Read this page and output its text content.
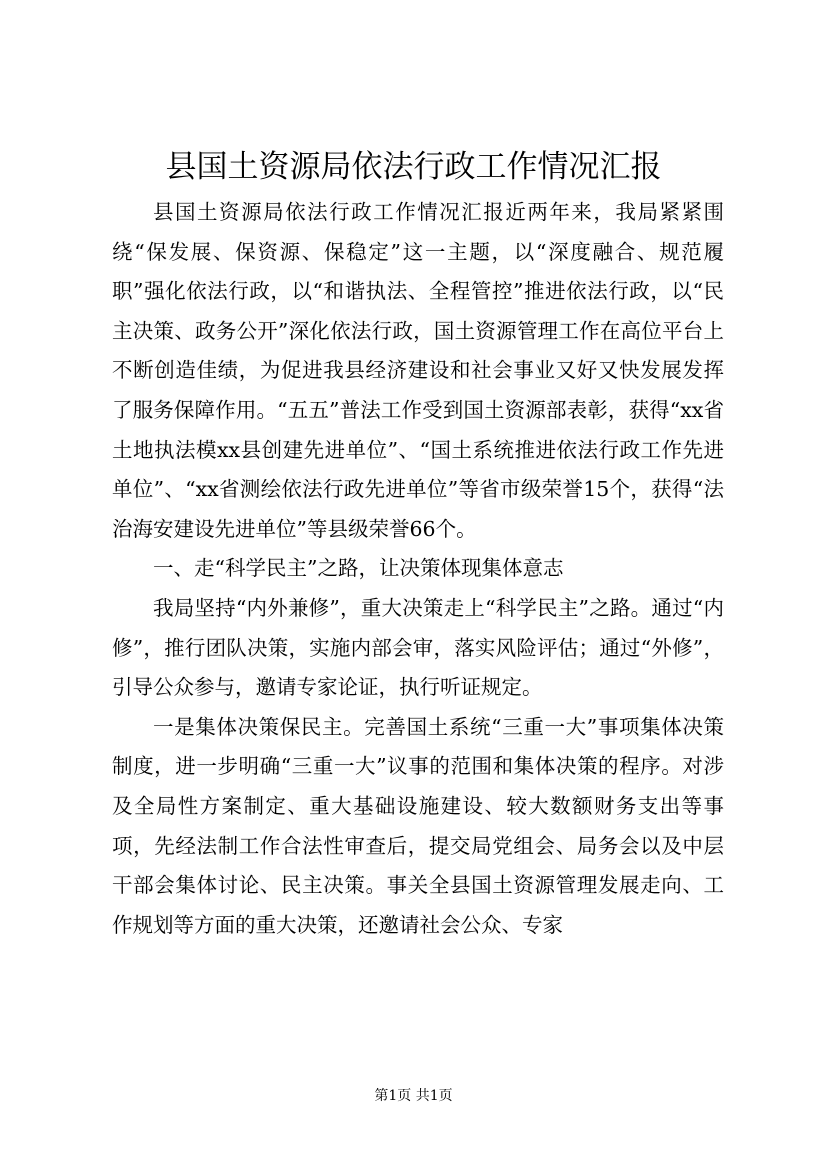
县国土资源局依法行政工作情况汇报

县国土资源局依法行政工作情况汇报近两年来，我局紧紧围绕“保发展、保资源、保稳定”这一主题，以“深度融合、规范履职”强化依法行政，以“和谐执法、全程管控”推进依法行政，以“民主决策、政务公开”深化依法行政，国土资源管理工作在高位平台上不断创造佳绩，为促进我县经济建设和社会事业又好又快发展发挥了服务保障作用。“五五”普法工作受到国土资源部表彰，获得“xx省土地执法模xx县创建先进单位”、“国土系统推进依法行政工作先进单位”、“xx省测绘依法行政先进单位”等省市级荣誉15个，获得“法治海安建设先进单位”等县级荣誉66个。

一、走“科学民主”之路，让决策体现集体意志

我局坚持“内外兼修”，重大决策走上“科学民主”之路。通过“内修”，推行团队决策，实施内部会审，落实风险评估；通过“外修”，引导公众参与，邀请专家论证，执行听证规定。

一是集体决策保民主。完善国土系统“三重一大”事项集体决策制度，进一步明确“三重一大”议事的范围和集体决策的程序。对涉及全局性方案制定、重大基础设施建设、较大数额财务支出等事项，先经法制工作合法性审查后，提交局党组会、局务会以及中层干部会集体讨论、民主决策。事关全县国土资源管理发展走向、工作规划等方面的重大决策，还邀请社会公众、专家

第1页 共1页
